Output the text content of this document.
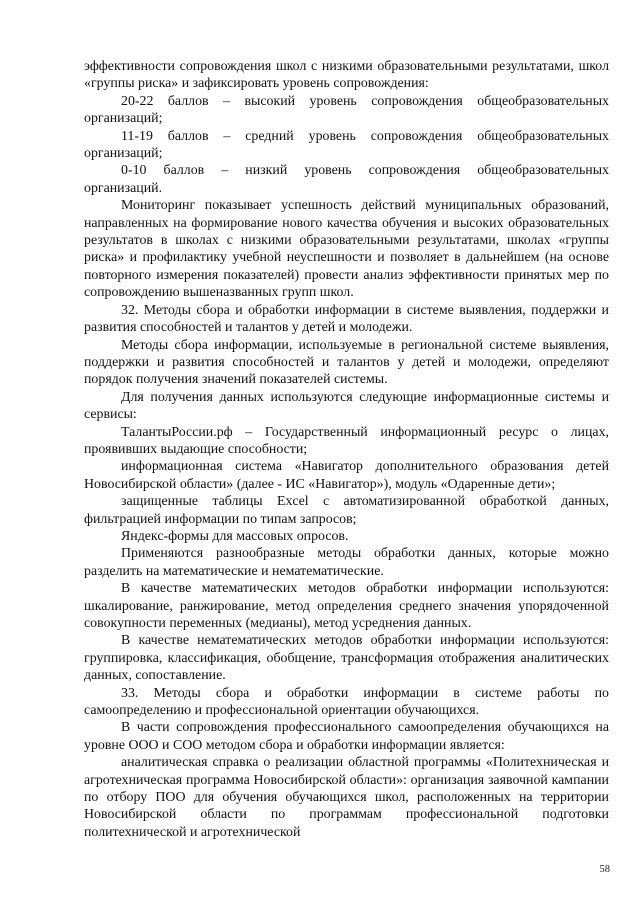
эффективности сопровождения школ с низкими образовательными результатами, школ «группы риска» и зафиксировать уровень сопровождения:

20-22 баллов – высокий уровень сопровождения общеобразовательных организаций;

11-19 баллов – средний уровень сопровождения общеобразовательных организаций;

0-10 баллов – низкий уровень сопровождения общеобразовательных организаций.

Мониторинг показывает успешность действий муниципальных образований, направленных на формирование нового качества обучения и высоких образовательных результатов в школах с низкими образовательными результатами, школах «группы риска» и профилактику учебной неуспешности и позволяет в дальнейшем (на основе повторного измерения показателей) провести анализ эффективности принятых мер по сопровождению вышеназванных групп школ.

32. Методы сбора и обработки информации в системе выявления, поддержки и развития способностей и талантов у детей и молодежи.

Методы сбора информации, используемые в региональной системе выявления, поддержки и развития способностей и талантов у детей и молодежи, определяют порядок получения значений показателей системы.

Для получения данных используются следующие информационные системы и сервисы:

ТалантыРоссии.рф – Государственный информационный ресурс о лицах, проявивших выдающие способности;

информационная система «Навигатор дополнительного образования детей Новосибирской области» (далее - ИС «Навигатор»), модуль «Одаренные дети»;

защищенные таблицы Excel с автоматизированной обработкой данных, фильтрацией информации по типам запросов;

Яндекс-формы для массовых опросов.

Применяются разнообразные методы обработки данных, которые можно разделить на математические и нематематические.

В качестве математических методов обработки информации используются: шкалирование, ранжирование, метод определения среднего значения упорядоченной совокупности переменных (медианы), метод усреднения данных.

В качестве нематематических методов обработки информации используются: группировка, классификация, обобщение, трансформация отображения аналитических данных, сопоставление.

33. Методы сбора и обработки информации в системе работы по самоопределению и профессиональной ориентации обучающихся.

В части сопровождения профессионального самоопределения обучающихся на уровне ООО и СОО методом сбора и обработки информации является:

аналитическая справка о реализации областной программы «Политехническая и агротехническая программа Новосибирской области»: организация заявочной кампании по отбору ПОО для обучения обучающихся школ, расположенных на территории Новосибирской области по программам профессиональной подготовки политехнической и агротехнической

58
